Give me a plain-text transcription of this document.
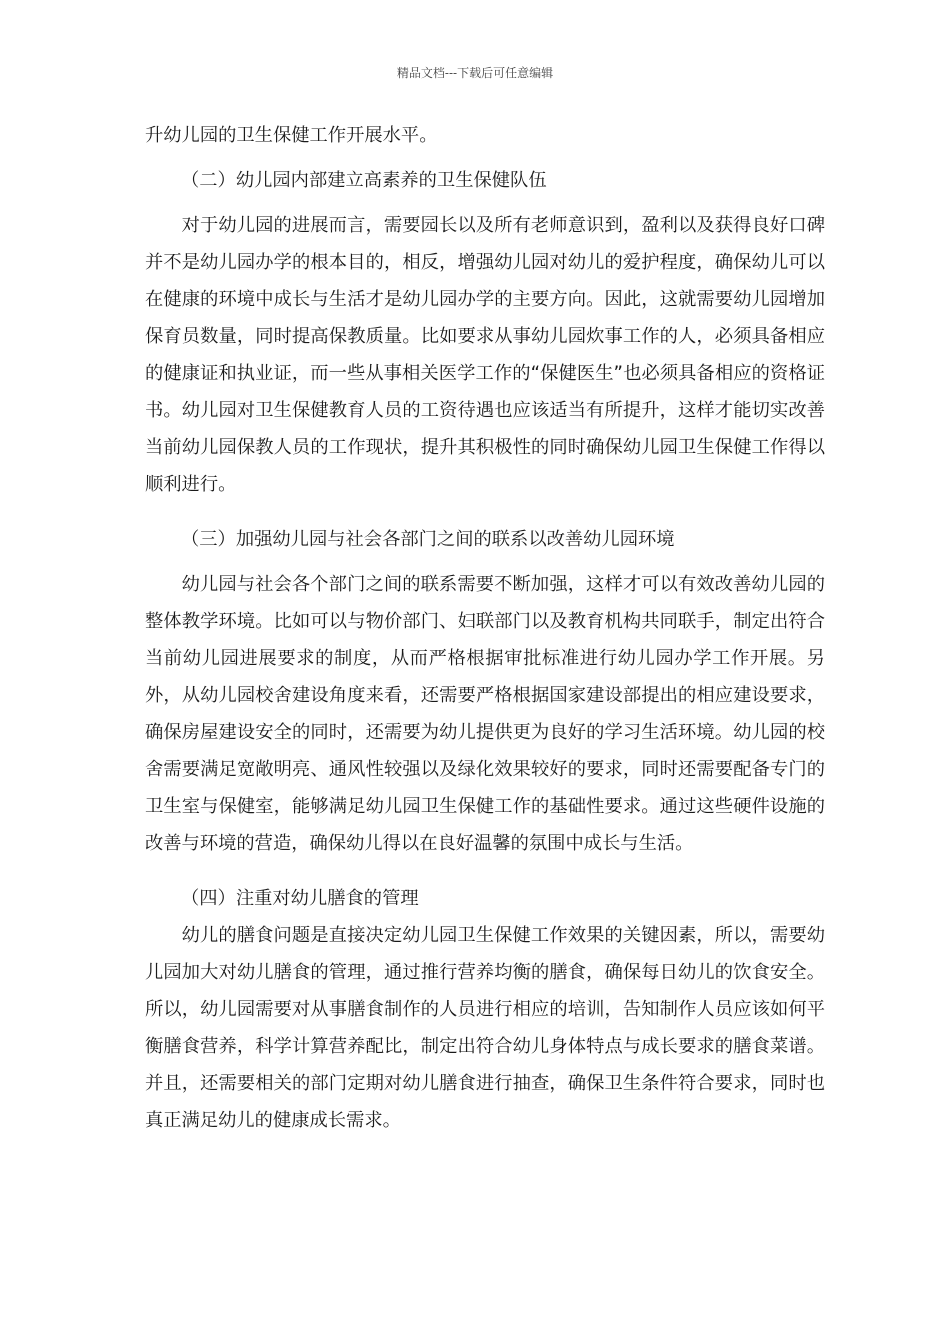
精品文档---下载后可任意编辑

升幼儿园的卫生保健工作开展水平。

（二）幼儿园内部建立高素养的卫生保健队伍

对于幼儿园的进展而言，需要园长以及所有老师意识到，盈利以及获得良好口碑并不是幼儿园办学的根本目的，相反，增强幼儿园对幼儿的爱护程度，确保幼儿可以在健康的环境中成长与生活才是幼儿园办学的主要方向。因此，这就需要幼儿园增加保育员数量，同时提高保教质量。比如要求从事幼儿园炊事工作的人，必须具备相应的健康证和执业证，而一些从事相关医学工作的“保健医生”也必须具备相应的资格证书。幼儿园对卫生保健教育人员的工资待遇也应该适当有所提升，这样才能切实改善当前幼儿园保教人员的工作现状，提升其积极性的同时确保幼儿园卫生保健工作得以顺利进行。

（三）加强幼儿园与社会各部门之间的联系以改善幼儿园环境

幼儿园与社会各个部门之间的联系需要不断加强，这样才可以有效改善幼儿园的整体教学环境。比如可以与物价部门、妇联部门以及教育机构共同联手，制定出符合当前幼儿园进展要求的制度，从而严格根据审批标准进行幼儿园办学工作开展。另外，从幼儿园校舍建设角度来看，还需要严格根据国家建设部提出的相应建设要求，确保房屋建设安全的同时，还需要为幼儿提供更为良好的学习生活环境。幼儿园的校舍需要满足宽敞明亮、通风性较强以及绿化效果较好的要求，同时还需要配备专门的卫生室与保健室，能够满足幼儿园卫生保健工作的基础性要求。通过这些硬件设施的改善与环境的营造，确保幼儿得以在良好温馨的氛围中成长与生活。

（四）注重对幼儿膳食的管理

幼儿的膳食问题是直接决定幼儿园卫生保健工作效果的关键因素，所以，需要幼儿园加大对幼儿膳食的管理，通过推行营养均衡的膳食，确保每日幼儿的饮食安全。所以，幼儿园需要对从事膳食制作的人员进行相应的培训，告知制作人员应该如何平衡膳食营养，科学计算营养配比，制定出符合幼儿身体特点与成长要求的膳食菜谱。并且，还需要相关的部门定期对幼儿膳食进行抽查，确保卫生条件符合要求，同时也真正满足幼儿的健康成长需求。
